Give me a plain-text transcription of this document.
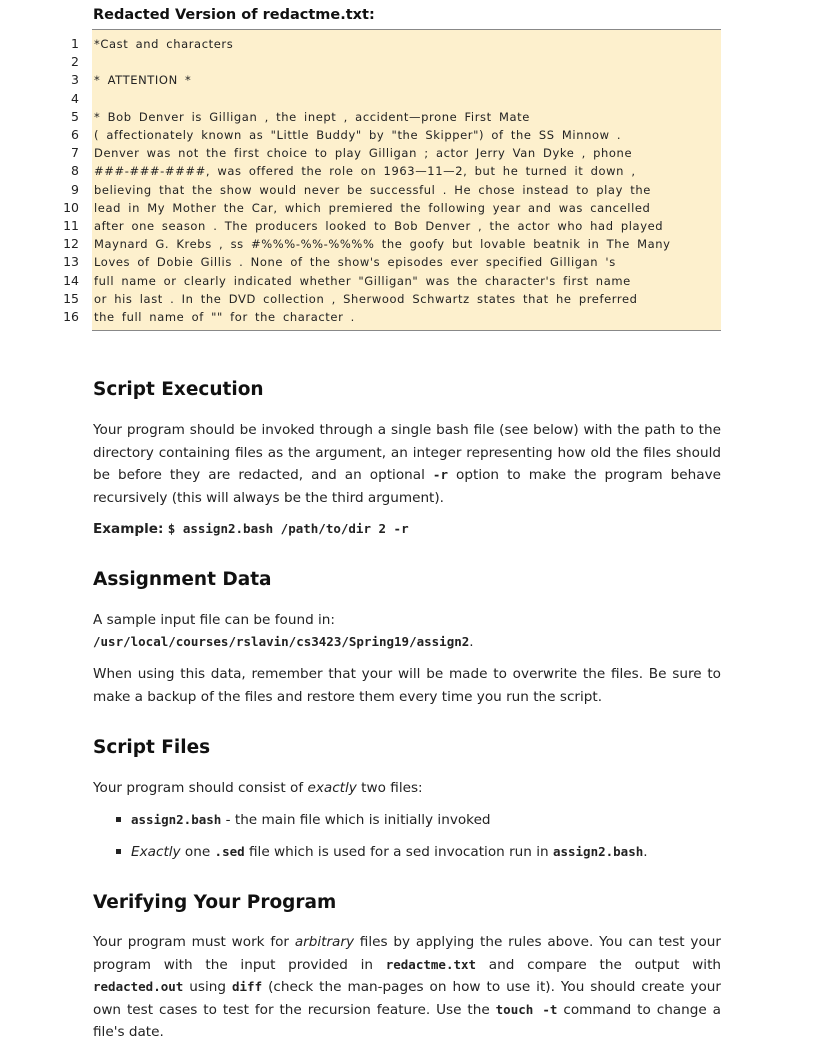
Redacted Version of redactme.txt:
1 *Cast and characters
2
3 * ATTENTION *
4
5 * Bob Denver is Gilligan , the inept , accident—prone First Mate
6 ( affectionately known as "Little Buddy" by "the Skipper") of the SS Minnow .
7 Denver was not the first choice to play Gilligan ; actor Jerry Van Dyke , phone
8 ###-###-####, was offered the role on 1963—11—2, but he turned it down ,
9 believing that the show would never be successful . He chose instead to play the
10 lead in My Mother the Car, which premiered the following year and was cancelled
11 after one season . The producers looked to Bob Denver , the actor who had played
12 Maynard G. Krebs , ss #%%%-%%-%%%% the goofy but lovable beatnik in The Many
13 Loves of Dobie Gillis . None of the show's episodes ever specified Gilligan 's
14 full name or clearly indicated whether "Gilligan" was the character's first name
15 or his last . In the DVD collection , Sherwood Schwartz states that he preferred
16 the full name of "" for the character .
Script Execution

Your program should be invoked through a single bash file (see below) with the path to the directory containing files as the argument, an integer representing how old the files should be before they are redacted, and an optional -r option to make the program behave recursively (this will always be the third argument).

Example: $ assign2.bash /path/to/dir 2 -r

Assignment Data

A sample input file can be found in:

/usr/local/courses/rslavin/cs3423/Spring19/assign2.

When using this data, remember that your will be made to overwrite the files. Be sure to make a backup of the files and restore them every time you run the script.

Script Files

Your program should consist of exactly two files:

assign2.bash - the main file which is initially invoked
Exactly one .sed file which is used for a sed invocation run in assign2.bash.
Verifying Your Program

Your program must work for arbitrary files by applying the rules above. You can test your program with the input provided in redactme.txt and compare the output with redacted.out using diff (check the man-pages on how to use it). You should create your own test cases to test for the recursion feature. Use the touch -t command to change a file's date.
